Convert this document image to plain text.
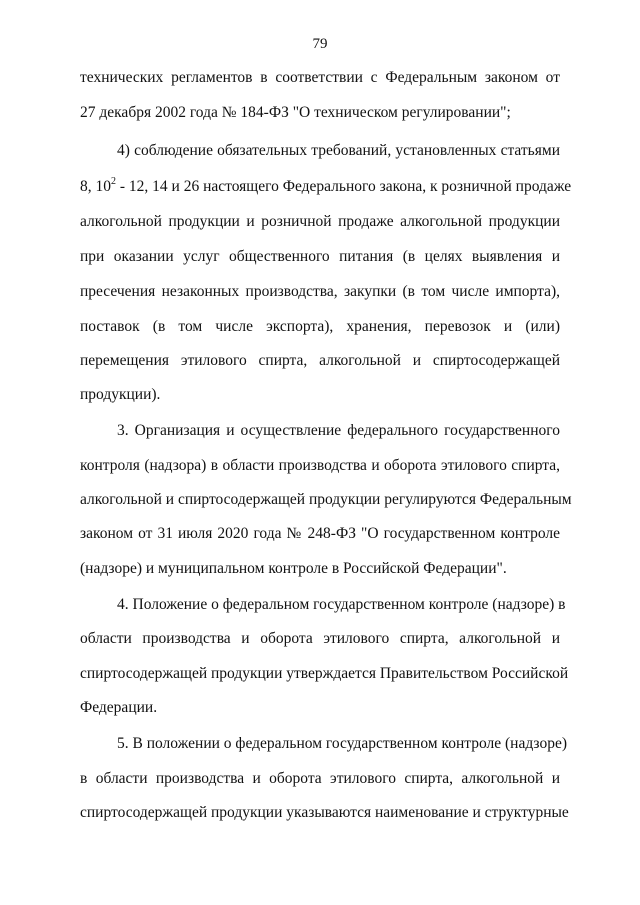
79
технических регламентов в соответствии с Федеральным законом от
27 декабря 2002 года № 184-ФЗ "О техническом регулировании";
4) соблюдение обязательных требований, установленных статьями
8, $10^2 - 12$, 14 и 26 настоящего Федерального закона, к розничной продаже
алкогольной продукции и розничной продаже алкогольной продукции
при оказании услуг общественного питания (в целях выявления и
пресечения незаконных производства, закупки (в том числе импорта),
поставок (в том числе экспорта), хранения, перевозок и (или)
перемещения этилового спирта, алкогольной и спиртосодержащей
продукции).
3. Организация и осуществление федерального государственного
контроля (надзора) в области производства и оборота этилового спирта,
алкогольной и спиртосодержащей продукции регулируются Федеральным
законом от 31 июля 2020 года № 248-ФЗ "О государственном контроле
(надзоре) и муниципальном контроле в Российской Федерации".
4. Положение о федеральном государственном контроле (надзоре) в
области производства и оборота этилового спирта, алкогольной и
спиртосодержащей продукции утверждается Правительством Российской
Федерации.
5. В положении о федеральном государственном контроле (надзоре)
в области производства и оборота этилового спирта, алкогольной и
спиртосодержащей продукции указываются наименование и структурные
